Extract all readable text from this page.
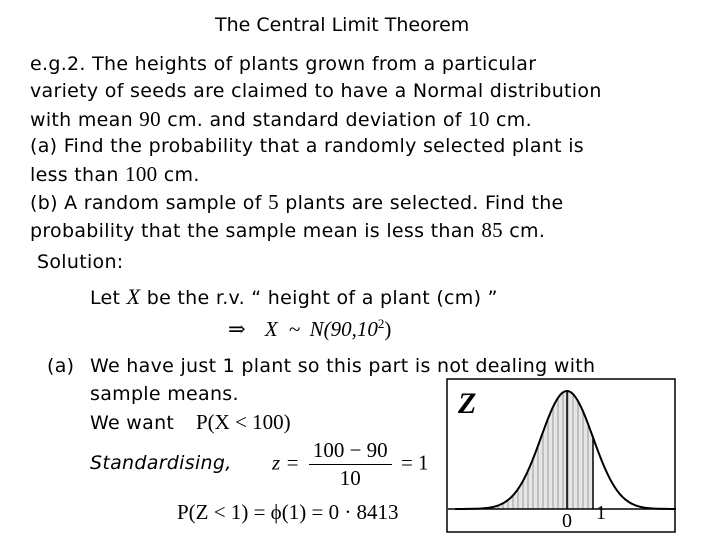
The Central Limit Theorem
e.g.2. The heights of plants grown from a particular
variety of seeds are claimed to have a Normal distribution
with mean 90 cm. and standard deviation of 10 cm.
(a) Find the probability that a randomly selected plant is
less than 100 cm.
(b) A random sample of 5 plants are selected. Find the
probability that the sample mean is less than 85 cm.
Solution:
Let X be the r.v. “ height of a plant (cm) ”
⇒ X ~ N(90,10$^2$)
(a) We have just 1 plant so this part is not dealing with
sample means.
We want P(X < 100)
Standardising, $z = \frac{100 - 90}{10} = 1$
P(Z < 1) = ϕ(1) = 0 · 8413
Z
0 1
